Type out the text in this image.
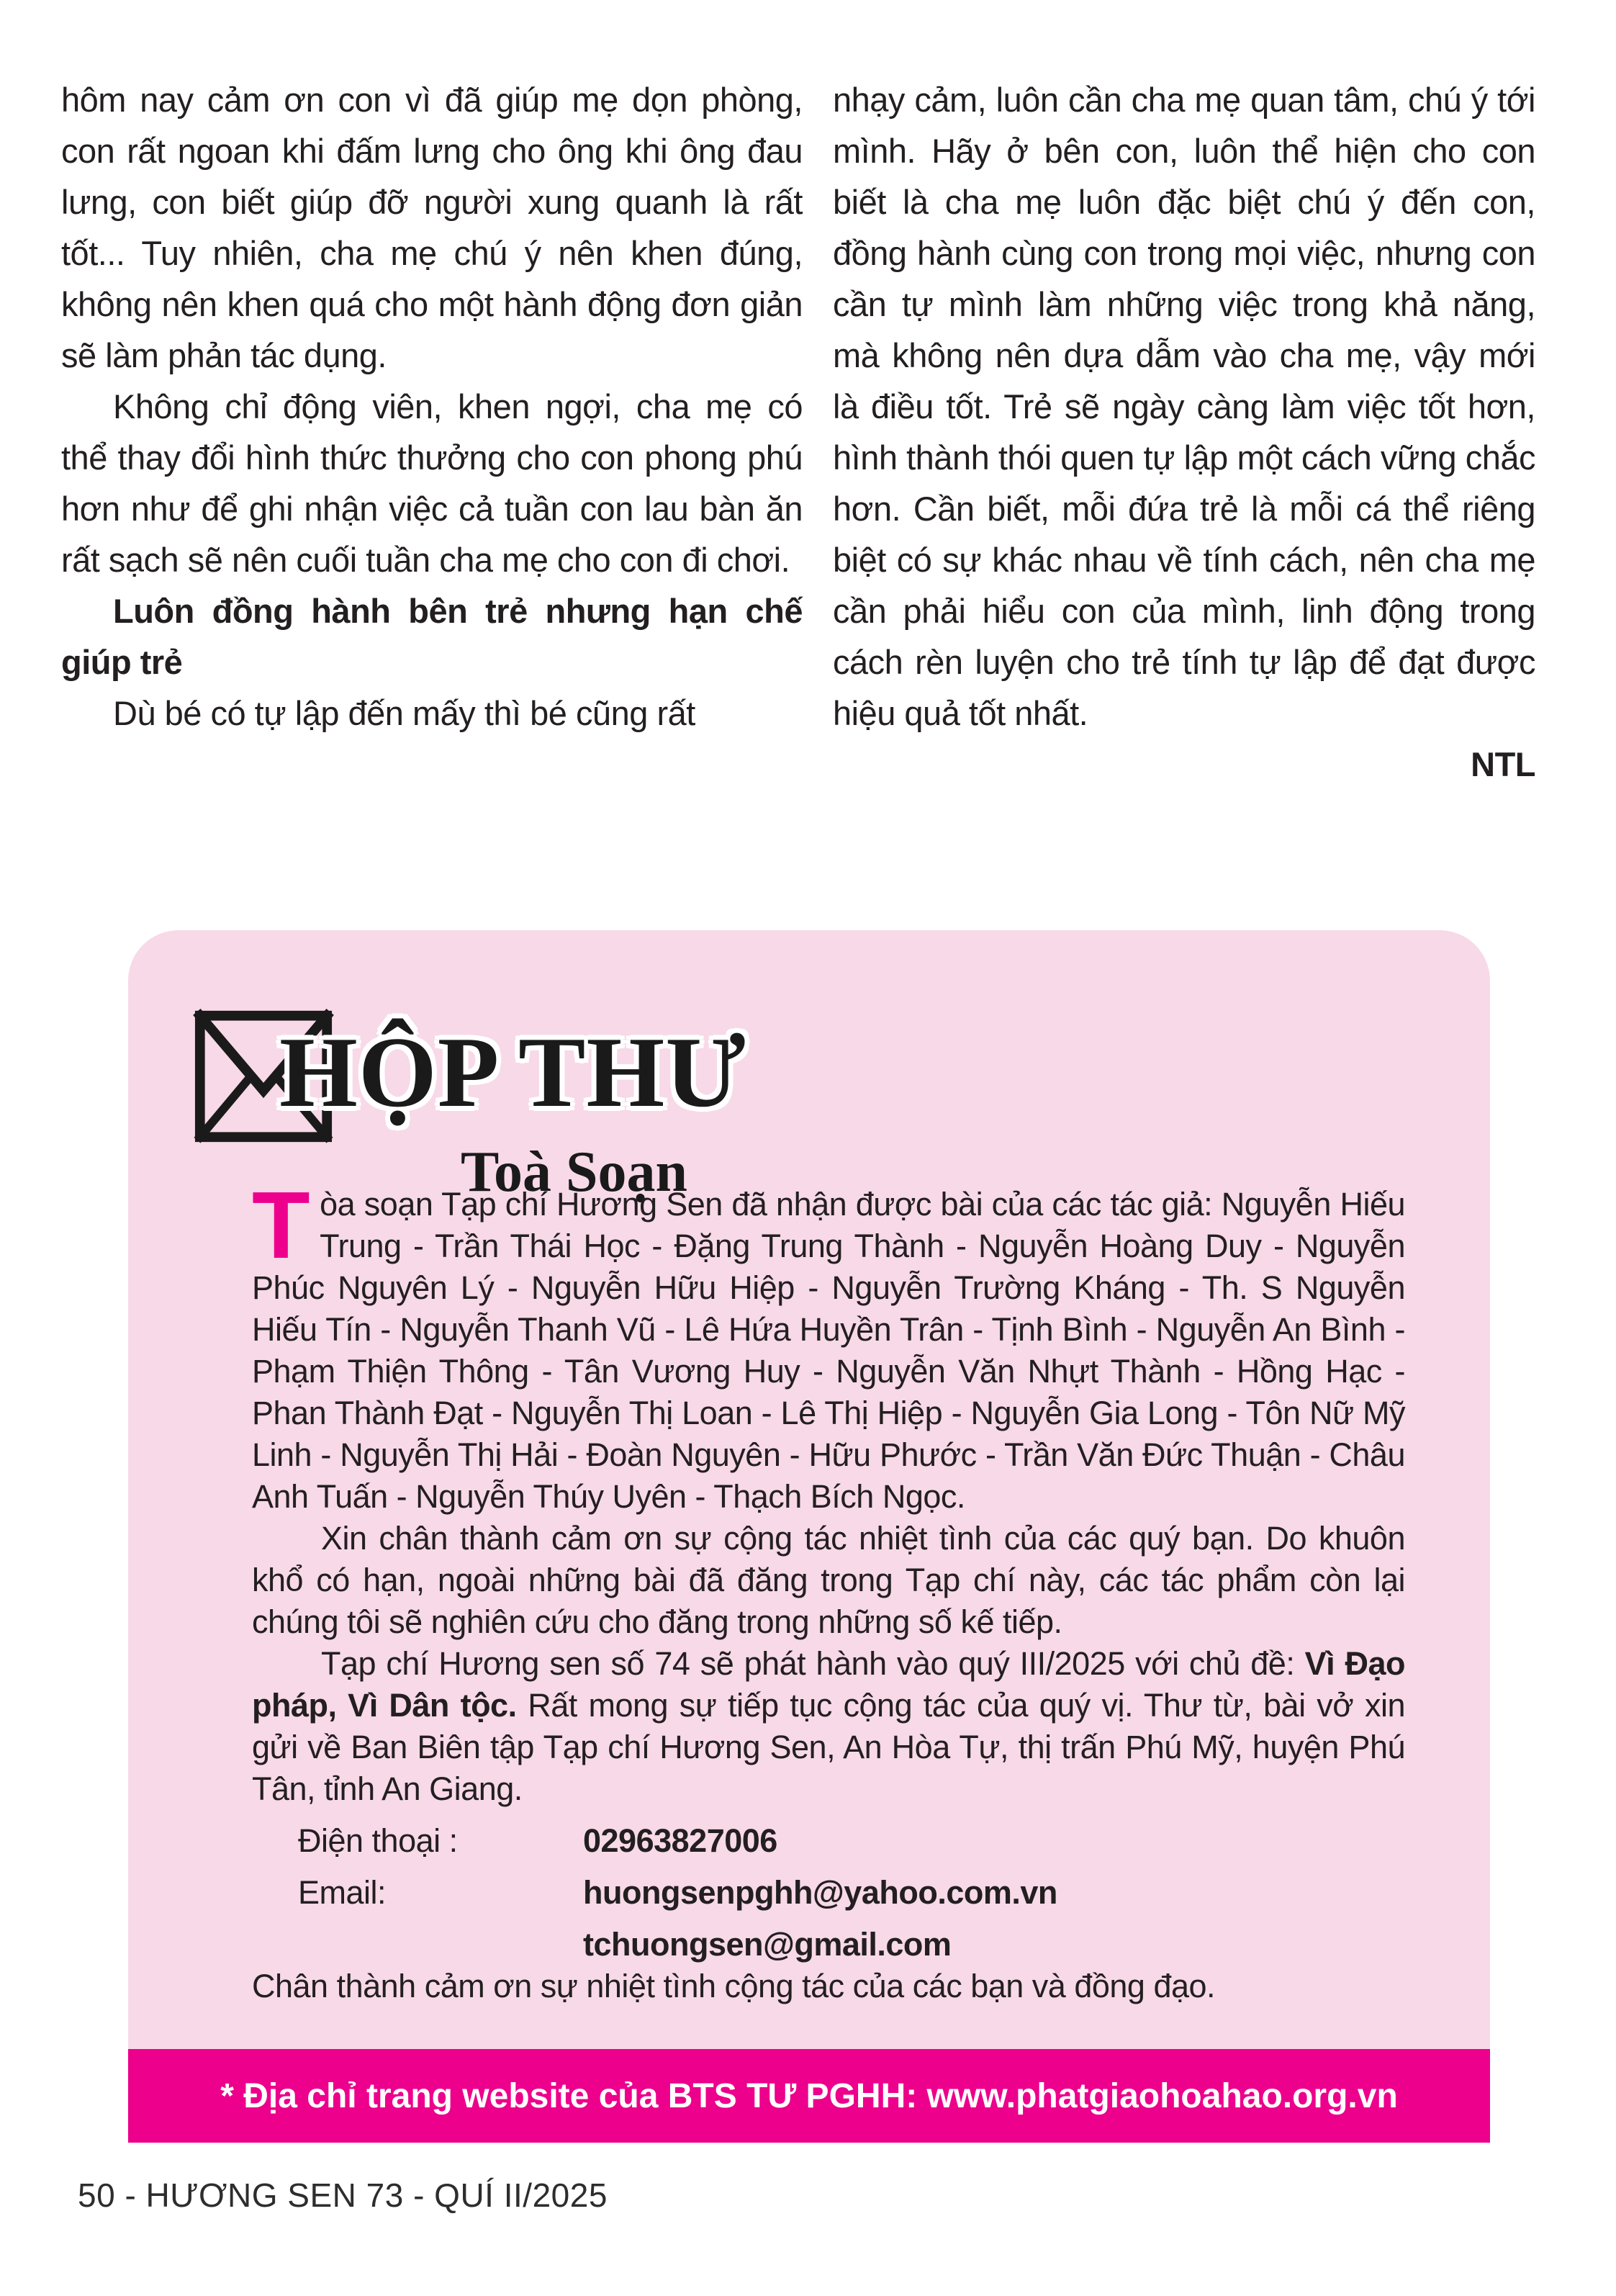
hôm nay cảm ơn con vì đã giúp mẹ dọn phòng, con rất ngoan khi đấm lưng cho ông khi ông đau lưng, con biết giúp đỡ người xung quanh là rất tốt... Tuy nhiên, cha mẹ chú ý nên khen đúng, không nên khen quá cho một hành động đơn giản sẽ làm phản tác dụng.

Không chỉ động viên, khen ngợi, cha mẹ có thể thay đổi hình thức thưởng cho con phong phú hơn như để ghi nhận việc cả tuần con lau bàn ăn rất sạch sẽ nên cuối tuần cha mẹ cho con đi chơi.

Luôn đồng hành bên trẻ nhưng hạn chế giúp trẻ

Dù bé có tự lập đến mấy thì bé cũng rất

nhạy cảm, luôn cần cha mẹ quan tâm, chú ý tới mình. Hãy ở bên con, luôn thể hiện cho con biết là cha mẹ luôn đặc biệt chú ý đến con, đồng hành cùng con trong mọi việc, nhưng con cần tự mình làm những việc trong khả năng, mà không nên dựa dẫm vào cha mẹ, vậy mới là điều tốt. Trẻ sẽ ngày càng làm việc tốt hơn, hình thành thói quen tự lập một cách vững chắc hơn. Cần biết, mỗi đứa trẻ là mỗi cá thể riêng biệt có sự khác nhau về tính cách, nên cha mẹ cần phải hiểu con của mình, linh động trong cách rèn luyện cho trẻ tính tự lập để đạt được hiệu quả tốt nhất.

NTL

HỘP THƯ
Toà Soạn

Tòa soạn Tạp chí Hương Sen đã nhận được bài của các tác giả: Nguyễn Hiếu Trung - Trần Thái Học - Đặng Trung Thành - Nguyễn Hoàng Duy - Nguyễn Phúc Nguyên Lý - Nguyễn Hữu Hiệp - Nguyễn Trường Kháng - Th. S Nguyễn Hiếu Tín - Nguyễn Thanh Vũ - Lê Hứa Huyền Trân - Tịnh Bình - Nguyễn An Bình - Phạm Thiện Thông - Tân Vương Huy - Nguyễn Văn Nhựt Thành - Hồng Hạc - Phan Thành Đạt - Nguyễn Thị Loan - Lê Thị Hiệp - Nguyễn Gia Long - Tôn Nữ Mỹ Linh - Nguyễn Thị Hải - Đoàn Nguyên - Hữu Phước - Trần Văn Đức Thuận - Châu Anh Tuấn - Nguyễn Thúy Uyên - Thạch Bích Ngọc.

Xin chân thành cảm ơn sự cộng tác nhiệt tình của các quý bạn. Do khuôn khổ có hạn, ngoài những bài đã đăng trong Tạp chí này, các tác phẩm còn lại chúng tôi sẽ nghiên cứu cho đăng trong những số kế tiếp.

Tạp chí Hương sen số 74 sẽ phát hành vào quý III/2025 với chủ đề: Vì Đạo pháp, Vì Dân tộc. Rất mong sự tiếp tục cộng tác của quý vị. Thư từ, bài vở xin gửi về Ban Biên tập Tạp chí Hương Sen, An Hòa Tự, thị trấn Phú Mỹ, huyện Phú Tân, tỉnh An Giang.

Điện thoại :	02963827006
Email:	huongsenpghh@yahoo.com.vn
tchuongsen@gmail.com

Chân thành cảm ơn sự nhiệt tình cộng tác của các bạn và đồng đạo.

* Địa chỉ trang website của BTS TƯ PGHH: www.phatgiaohoahao.org.vn
50 - HƯƠNG SEN 73 - QUÍ II/2025
